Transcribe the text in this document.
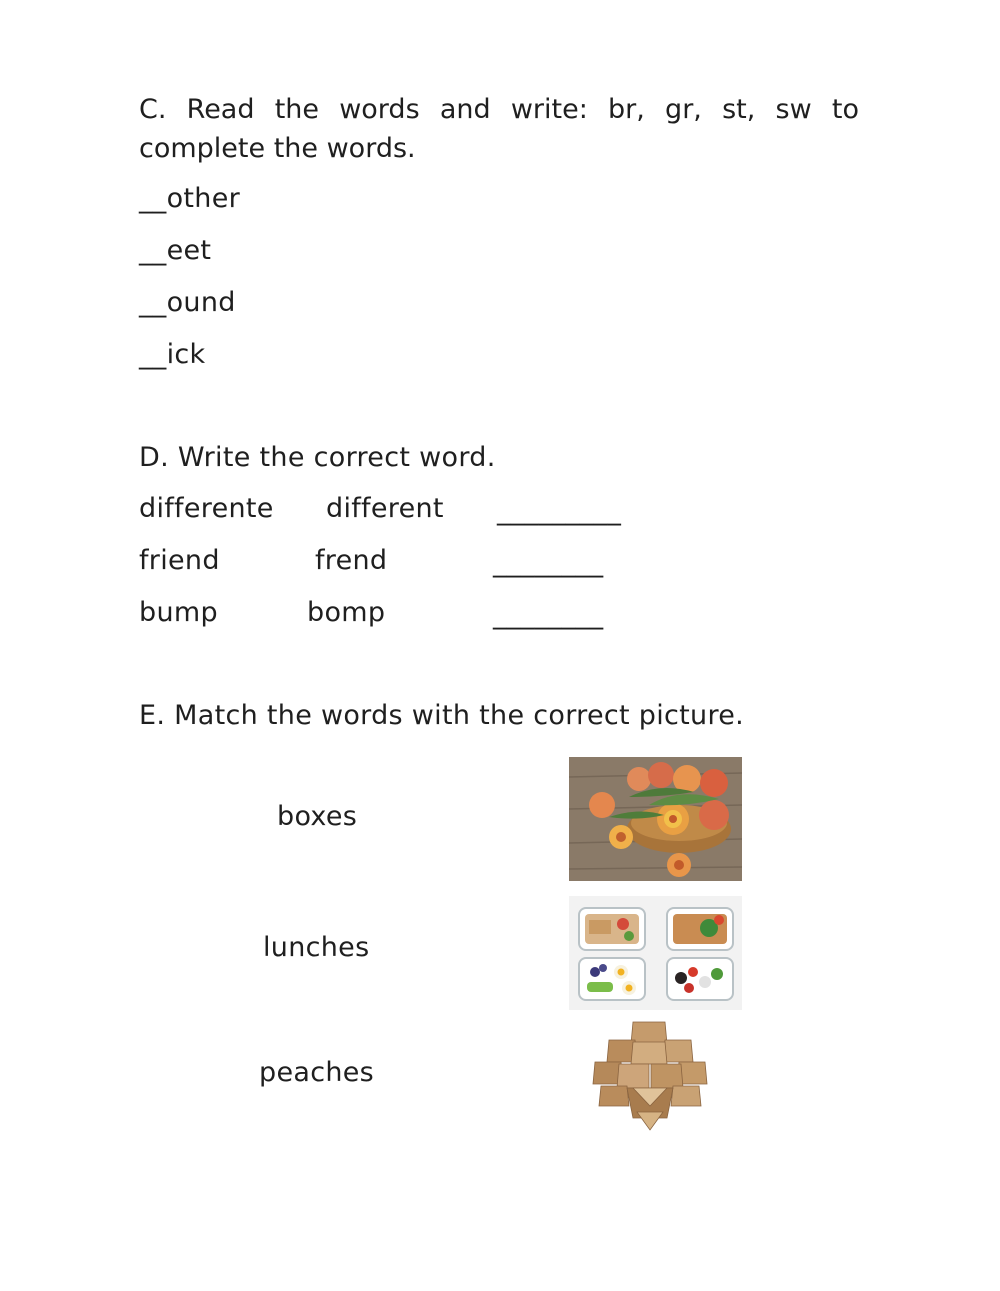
C. Read the words and write: br, gr, st, sw to complete the words.
__other
__eet
__ound
__ick
D. Write the correct word.
differente different _________
friend	frend	________
bump	bomp	________
E. Match the words with the correct picture.
boxes
lunches
peaches
